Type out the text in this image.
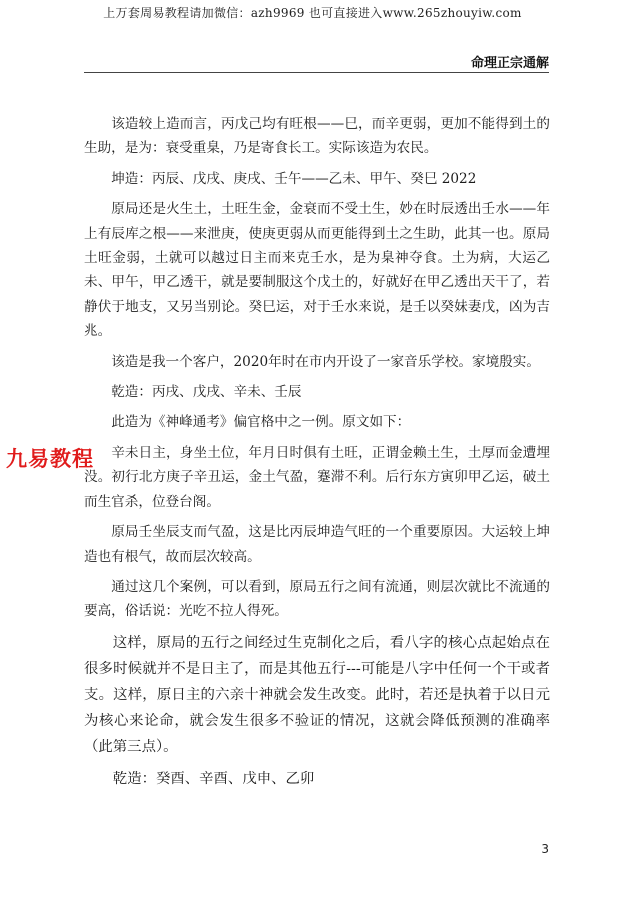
上万套周易教程请加微信：azh9969 也可直接进入www.265zhouyiw.com
命理正宗通解

该造较上造而言，丙戊己均有旺根——巳，而辛更弱，更加不能得到土的生助，是为：衰受重臬，乃是寄食长工。实际该造为农民。

坤造：丙辰、戊戌、庚戌、壬午——乙未、甲午、癸巳 2022

原局还是火生土，土旺生金，金衰而不受土生，妙在时辰透出壬水——年上有辰库之根——来泄庚，使庚更弱从而更能得到土之生助，此其一也。原局土旺金弱，土就可以越过日主而来克壬水，是为臬神夺食。土为病，大运乙未、甲午，甲乙透干，就是要制服这个戊土的，好就好在甲乙透出天干了，若静伏于地支，又另当别论。癸巳运，对于壬水来说，是壬以癸妹妻戊，凶为吉兆。

该造是我一个客户，2020年时在市内开设了一家音乐学校。家境殷实。

乾造：丙戌、戊戌、辛未、壬辰

此造为《神峰通考》偏官格中之一例。原文如下：

辛未日主，身坐土位，年月日时俱有土旺，正谓金赖土生，土厚而金遭埋没。初行北方庚子辛丑运，金土气盈，蹇滞不利。后行东方寅卯甲乙运，破土而生官杀，位登台阁。

原局壬坐辰支而气盈，这是比丙辰坤造气旺的一个重要原因。大运较上坤造也有根气，故而层次较高。

通过这几个案例，可以看到，原局五行之间有流通，则层次就比不流通的要高，俗话说：光吃不拉人得死。

这样，原局的五行之间经过生克制化之后，看八字的核心点起始点在很多时候就并不是日主了，而是其他五行---可能是八字中任何一个干或者支。这样，原日主的六亲十神就会发生改变。此时，若还是执着于以日元为核心来论命，就会发生很多不验证的情况，这就会降低预测的准确率（此第三点）。

乾造：癸酉、辛酉、戊申、乙卯

九易教程
3
